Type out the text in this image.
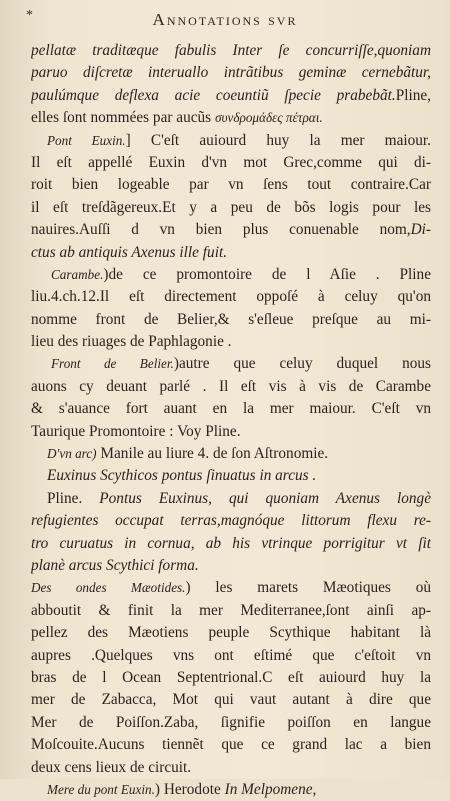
*	Annotations svr
pellatæ traditæque fabulis Inter ſe concurriſſe,quoniam
paruo diſcretæ interuallo intrãtibus geminæ cernebãtur,
paulúmque deflexa acie coeuntiũ ſpecie prabebãt.Pline,
elles ſont nommées par aucũs συνδρομάδες πέτραι.
Pont Euxin.] C'eſt auiourd huy la mer maiour.
Il eſt appellé Euxin d'vn mot Grec,comme qui di-
roit bien logeable par vn ſens tout contraire.Car
il eſt treſdãgereux.Et y a peu de bõs logis pour les
nauires.Auſſi d vn bien plus conuenable nom,Di-
ctus ab antiquis Axenus ille fuit.
Carambe.)de ce promontoire de l Aſie . Pline
liu.4.ch.12.Il eſt directement oppoſé à celuy qu'on
nomme front de Belier,& s'eſleue preſque au mi-
lieu des riuages de Paphlagonie .
Front de Belier.)autre que celuy duquel nous
auons cy deuant parlé . Il eſt vis à vis de Carambe
& s'auance fort auant en la mer maiour. C'eſt vn
Taurique Promontoire : Voy Pline.
D'vn arc) Manile au liure 4. de ſon Aſtronomie.
Euxinus Scythicos pontus ſinuatus in arcus .
Pline. Pontus Euxinus, qui quoniam Axenus longè
refugientes occupat terras,magnóque littorum flexu re-
tro curuatus in cornua, ab his vtrinque porrigitur vt ſit
planè arcus Scythici forma.
Des ondes Mæotides.) les marets Mæotiques où
abboutit & finit la mer Mediterranee,ſont ainſi ap-
pellez des Mæotiens peuple Scythique habitant là
aupres .Quelques vns ont eſtimé que c'eſtoit vn
bras de l Ocean Septentrional.C eſt auiourd huy la
mer de Zabacca, Mot qui vaut autant à dire que
Mer de Poiſſon.Zaba, ſignifie poiſſon en langue
Moſcouite.Aucuns tiennẽt que ce grand lac a bien
deux cens lieux de circuit.
Mere du pont Euxin.) Herodote In Melpomene,
